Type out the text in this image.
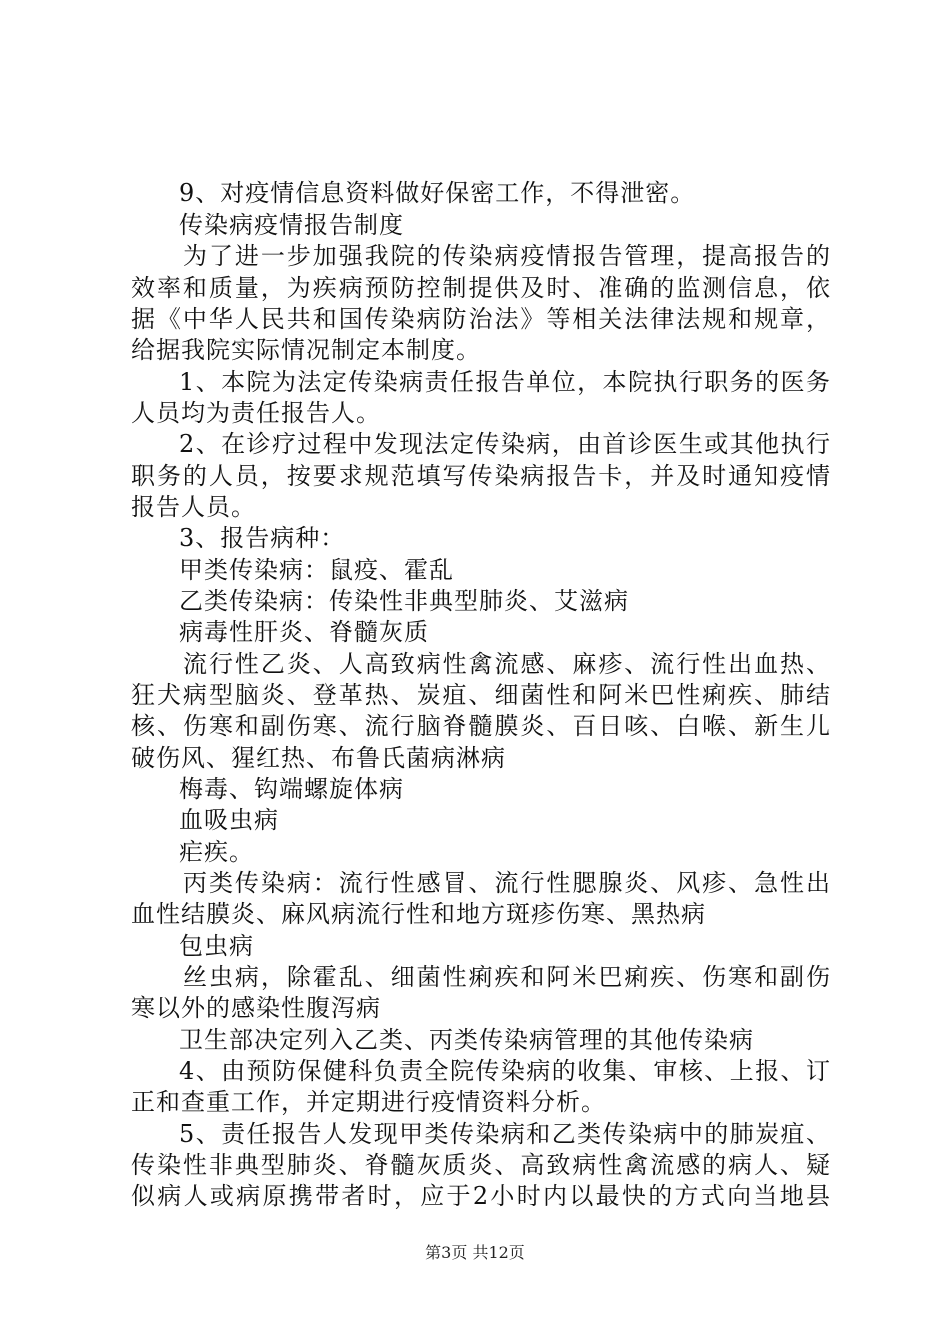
9、对疫情信息资料做好保密工作，不得泄密。
传染病疫情报告制度
为了进一步加强我院的传染病疫情报告管理，提高报告的
效率和质量，为疾病预防控制提供及时、准确的监测信息，依
据《中华人民共和国传染病防治法》等相关法律法规和规章，
给据我院实际情况制定本制度。
1、本院为法定传染病责任报告单位，本院执行职务的医务
人员均为责任报告人。
2、在诊疗过程中发现法定传染病，由首诊医生或其他执行
职务的人员，按要求规范填写传染病报告卡，并及时通知疫情
报告人员。
3、报告病种：
甲类传染病：鼠疫、霍乱
乙类传染病：传染性非典型肺炎、艾滋病
病毒性肝炎、脊髓灰质
流行性乙炎、人高致病性禽流感、麻疹、流行性出血热、
狂犬病型脑炎、登革热、炭疽、细菌性和阿米巴性痢疾、肺结
核、伤寒和副伤寒、流行脑脊髓膜炎、百日咳、白喉、新生儿
破伤风、猩红热、布鲁氏菌病淋病
梅毒、钩端螺旋体病
血吸虫病
疟疾。
丙类传染病：流行性感冒、流行性腮腺炎、风疹、急性出
血性结膜炎、麻风病流行性和地方斑疹伤寒、黑热病
包虫病
丝虫病，除霍乱、细菌性痢疾和阿米巴痢疾、伤寒和副伤
寒以外的感染性腹泻病
卫生部决定列入乙类、丙类传染病管理的其他传染病
4、由预防保健科负责全院传染病的收集、审核、上报、订
正和查重工作，并定期进行疫情资料分析。
5、责任报告人发现甲类传染病和乙类传染病中的肺炭疽、
传染性非典型肺炎、脊髓灰质炎、高致病性禽流感的病人、疑
似病人或病原携带者时，应于2小时内以最快的方式向当地县
第3页 共12页
